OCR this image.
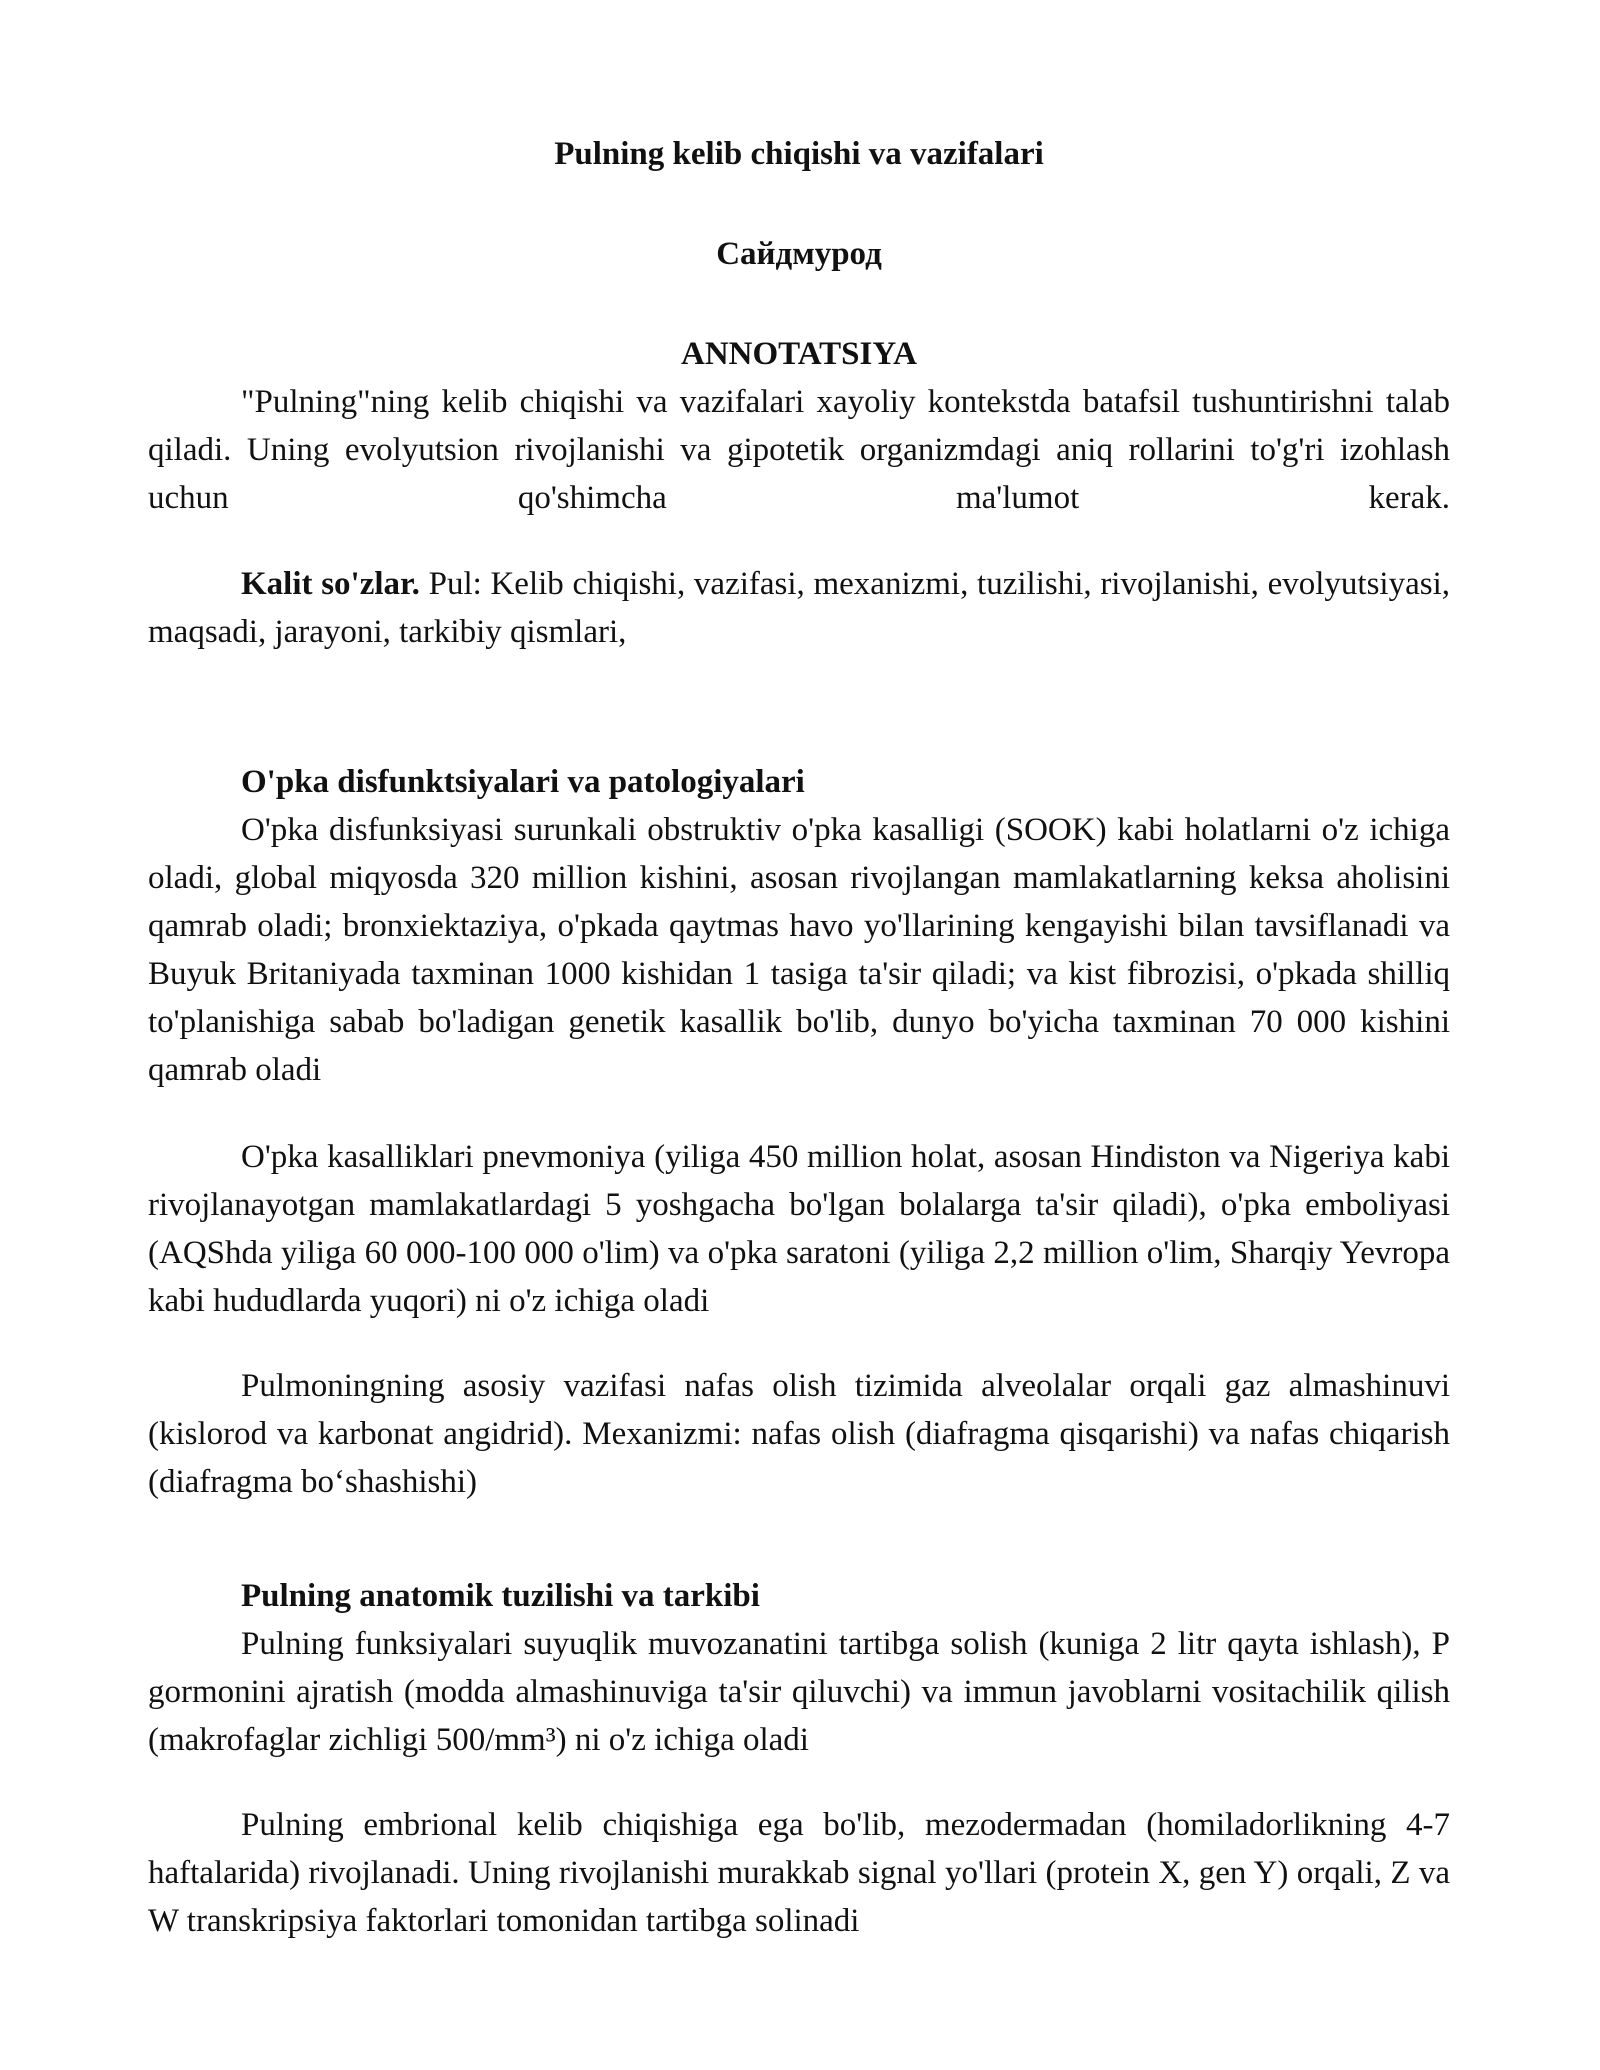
Pulning kelib chiqishi va vazifalari
Сайдмурод
ANNOTATSIYA
"Pulning"ning kelib chiqishi va vazifalari xayoliy kontekstda batafsil tushuntirishni talab qiladi. Uning evolyutsion rivojlanishi va gipotetik organizmdagi aniq rollarini to'g'ri izohlash uchun qo'shimcha ma'lumot kerak.
Kalit so'zlar. Pul: Kelib chiqishi, vazifasi, mexanizmi, tuzilishi, rivojlanishi, evolyutsiyasi, maqsadi, jarayoni, tarkibiy qismlari,
O'pka disfunktsiyalari va patologiyalari
O'pka disfunksiyasi surunkali obstruktiv o'pka kasalligi (SOOK) kabi holatlarni o'z ichiga oladi, global miqyosda 320 million kishini, asosan rivojlangan mamlakatlarning keksa aholisini qamrab oladi; bronxiektaziya, o'pkada qaytmas havo yo'llarining kengayishi bilan tavsiflanadi va Buyuk Britaniyada taxminan 1000 kishidan 1 tasiga ta'sir qiladi; va kist fibrozisi, o'pkada shilliq to'planishiga sabab bo'ladigan genetik kasallik bo'lib, dunyo bo'yicha taxminan 70 000 kishini qamrab oladi
O'pka kasalliklari pnevmoniya (yiliga 450 million holat, asosan Hindiston va Nigeriya kabi rivojlanayotgan mamlakatlardagi 5 yoshgacha bo'lgan bolalarga ta'sir qiladi), o'pka emboliyasi (AQShda yiliga 60 000-100 000 o'lim) va o'pka saratoni (yiliga 2,2 million o'lim, Sharqiy Yevropa kabi hududlarda yuqori) ni o'z ichiga oladi
Pulmoningning asosiy vazifasi nafas olish tizimida alveolalar orqali gaz almashinuvi (kislorod va karbonat angidrid). Mexanizmi: nafas olish (diafragma qisqarishi) va nafas chiqarish (diafragma bo‘shashishi)
Pulning anatomik tuzilishi va tarkibi
Pulning funksiyalari suyuqlik muvozanatini tartibga solish (kuniga 2 litr qayta ishlash), P gormonini ajratish (modda almashinuviga ta'sir qiluvchi) va immun javoblarni vositachilik qilish (makrofaglar zichligi 500/mm³) ni o'z ichiga oladi
Pulning embrional kelib chiqishiga ega bo'lib, mezodermadan (homiladorlikning 4-7 haftalarida) rivojlanadi. Uning rivojlanishi murakkab signal yo'llari (protein X, gen Y) orqali, Z va W transkripsiya faktorlari tomonidan tartibga solinadi
